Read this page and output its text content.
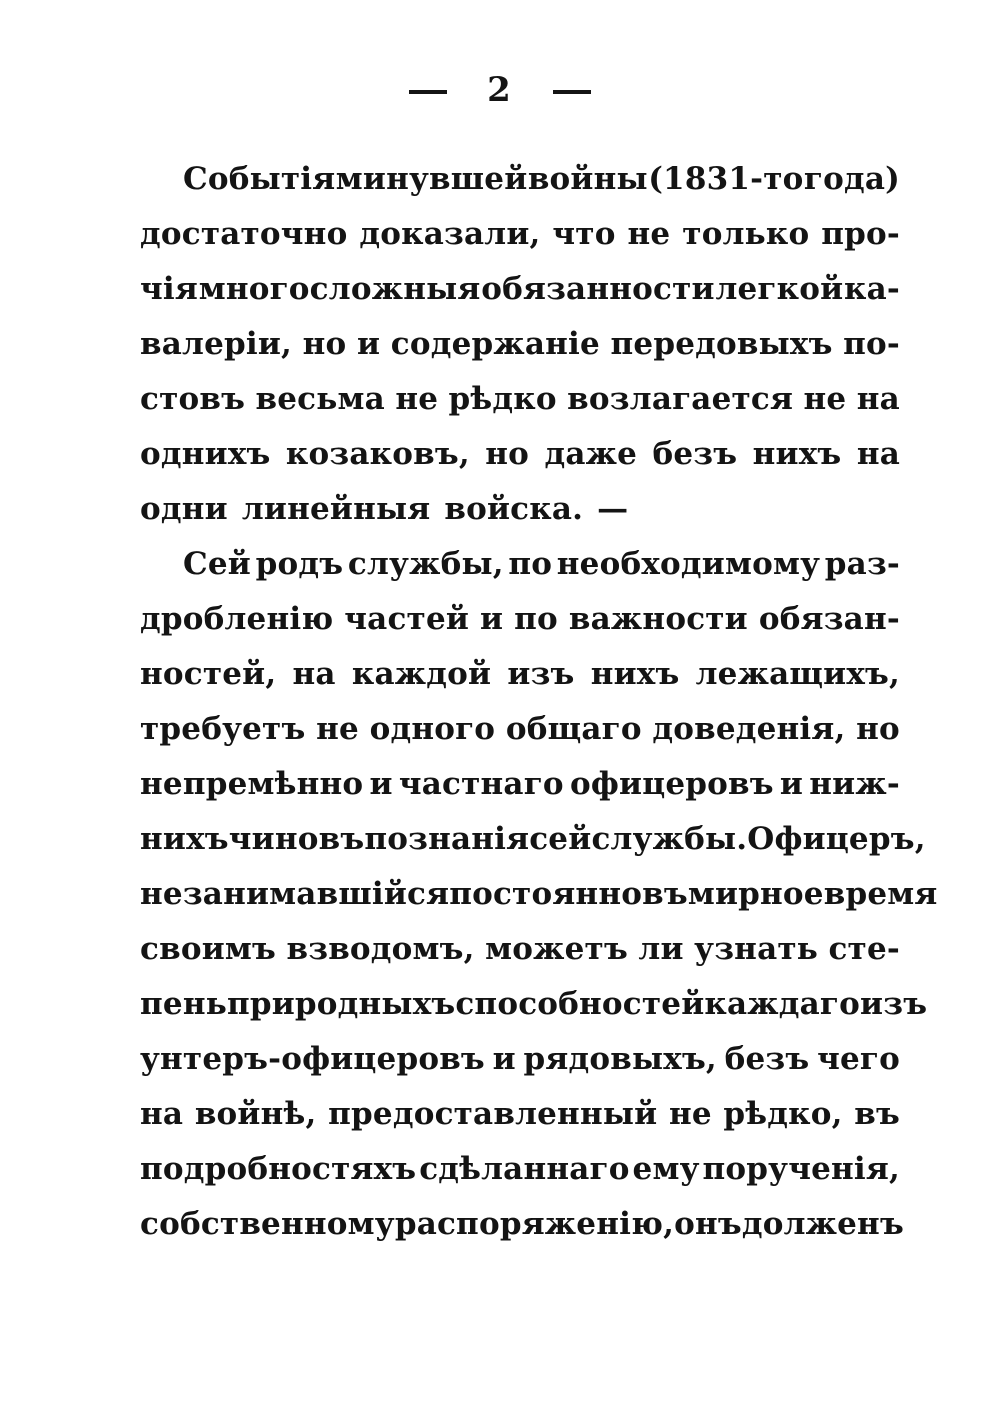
2
Событія минувшей войны (1831-то года)
достаточно доказали, что не только про-
чія многосложныя обязанности легкой ка-
валеріи, но и содержаніе передовыхъ по-
стовъ весьма не рѣдко возлагается не на
однихъ козаковъ, но даже безъ нихъ на
одни линейныя войска. —
Сей родъ службы, по необходимому раз-
дробленію частей и по важности обязан-
ностей, на каждой изъ нихъ лежащихъ,
требуетъ не одного общаго доведенія, но
непремѣнно и частнаго офицеровъ и ниж-
нихъ чиновъ познанія сей службы. Офицеръ,
не занимавшійся постоянно въ мирное время
своимъ взводомъ, можетъ ли узнать сте-
пень природныхъ способностей каждаго изъ
унтеръ-офицеровъ и рядовыхъ, безъ чего
на войнѣ, предоставленный не рѣдко, въ
подробностяхъ сдѣланнаго ему порученія,
собственному распоряженію, онъ долженъ
